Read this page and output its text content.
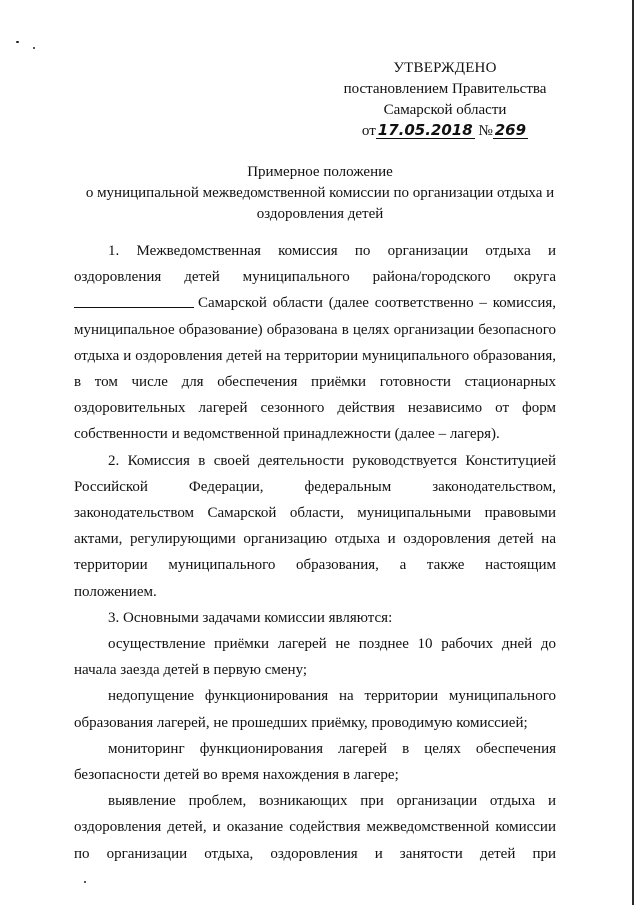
УТВЕРЖДЕНО
постановлением Правительства
Самарской области
от 17.05.2018 № 269
Примерное положение
о муниципальной межведомственной комиссии по организации отдыха и
оздоровления детей

1. Межведомственная комиссия по организации отдыха и оздоровления детей муниципального района/городского округа

Самарской области (далее соответственно – комиссия, муниципальное образование) образована в целях организации безопасного отдыха и оздоровления детей на территории муниципального образования, в том числе для обеспечения приёмки готовности стационарных оздоровительных лагерей сезонного действия независимо от форм собственности и ведомственной принадлежности (далее – лагеря).

2. Комиссия в своей деятельности руководствуется Конституцией Российской Федерации, федеральным законодательством, законодательством Самарской области, муниципальными правовыми актами, регулирующими организацию отдыха и оздоровления детей на территории муниципального образования, а также настоящим положением.

3. Основными задачами комиссии являются:

осуществление приёмки лагерей не позднее 10 рабочих дней до начала заезда детей в первую смену;

недопущение функционирования на территории муниципального образования лагерей, не прошедших приёмку, проводимую комиссией;

мониторинг функционирования лагерей в целях обеспечения безопасности детей во время нахождения в лагере;

выявление проблем, возникающих при организации отдыха и оздоровления детей, и оказание содействия межведомственной комиссии по организации отдыха, оздоровления и занятости детей при
